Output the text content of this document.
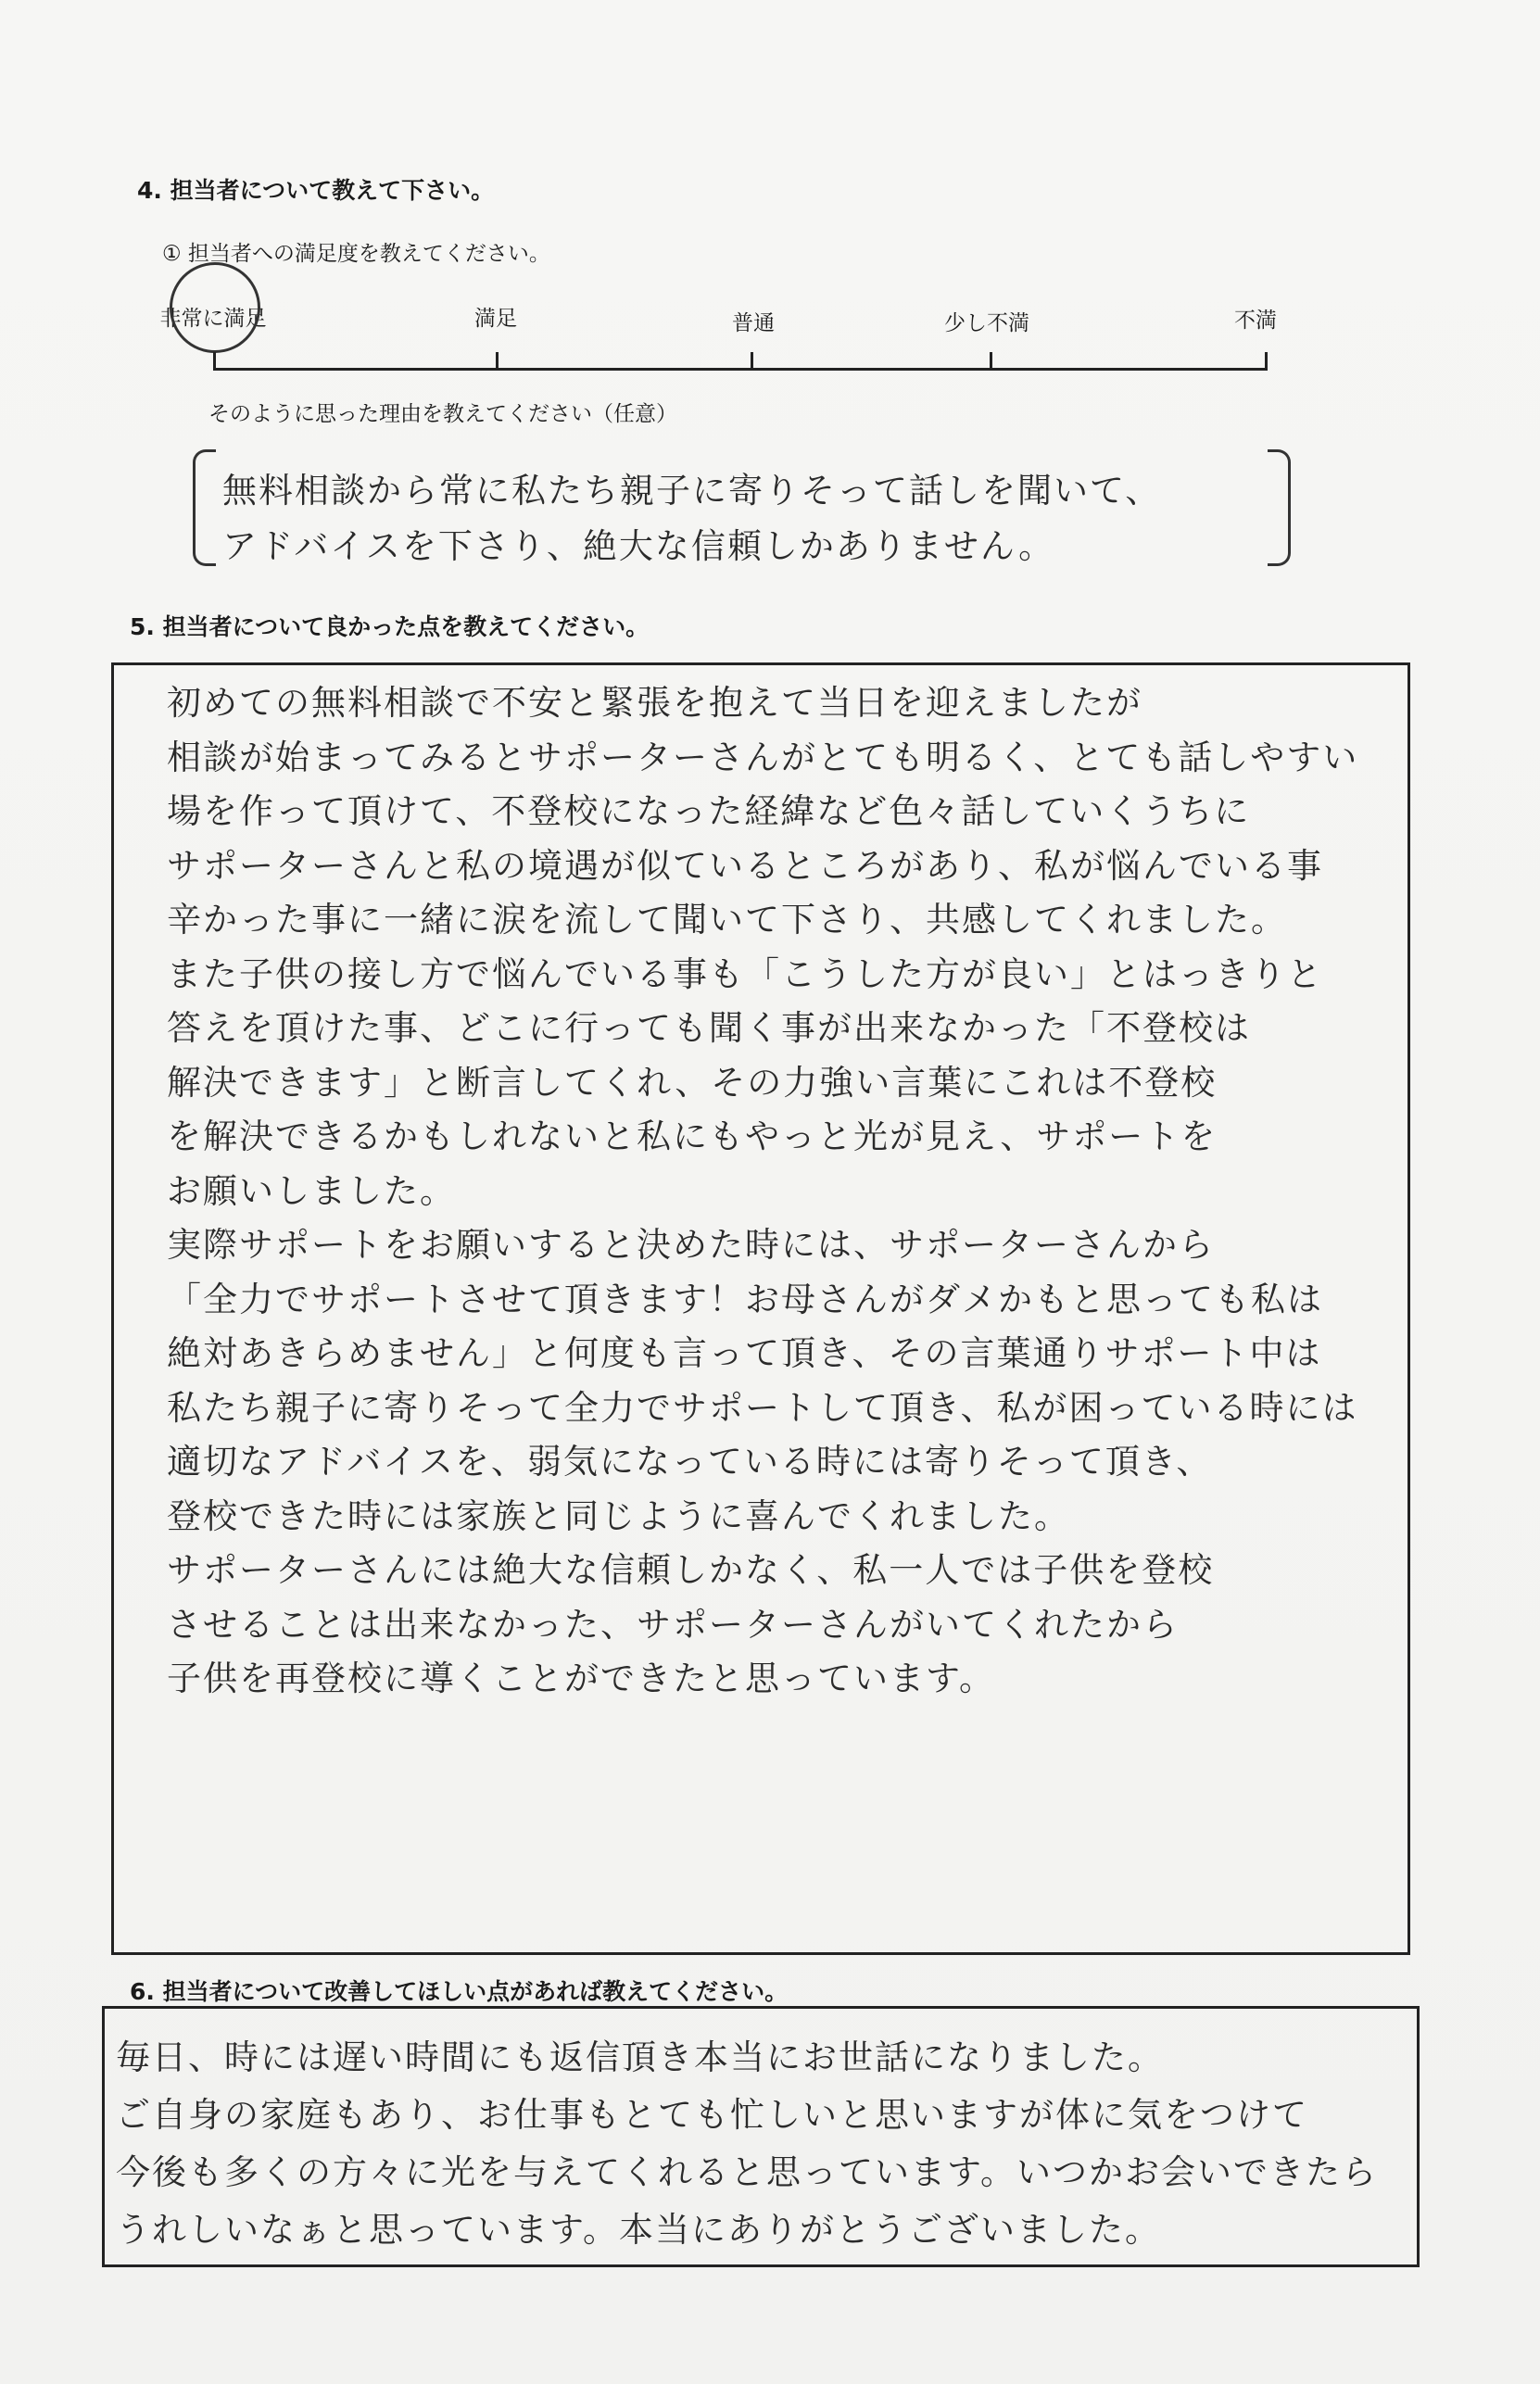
4. 担当者について教えて下さい。
① 担当者への満足度を教えてください。
非常に満足	満足	普通	少し不満	不満
そのように思った理由を教えてください（任意）
無料相談から常に私たち親子に寄りそって話しを聞いて、
アドバイスを下さり、絶大な信頼しかありません。
5. 担当者について良かった点を教えてください。
初めての無料相談で不安と緊張を抱えて当日を迎えましたが
相談が始まってみるとサポーターさんがとても明るく、とても話しやすい
場を作って頂けて、不登校になった経緯など色々話していくうちに
サポーターさんと私の境遇が似ているところがあり、私が悩んでいる事
辛かった事に一緒に涙を流して聞いて下さり、共感してくれました。
また子供の接し方で悩んでいる事も「こうした方が良い」とはっきりと
答えを頂けた事、どこに行っても聞く事が出来なかった「不登校は
解決できます」と断言してくれ、その力強い言葉にこれは不登校
を解決できるかもしれないと私にもやっと光が見え、サポートを
お願いしました。
実際サポートをお願いすると決めた時には、サポーターさんから
「全力でサポートさせて頂きます！お母さんがダメかもと思っても私は
絶対あきらめません」と何度も言って頂き、その言葉通りサポート中は
私たち親子に寄りそって全力でサポートして頂き、私が困っている時には
適切なアドバイスを、弱気になっている時には寄りそって頂き、
登校できた時には家族と同じように喜んでくれました。
サポーターさんには絶大な信頼しかなく、私一人では子供を登校
させることは出来なかった、サポーターさんがいてくれたから
子供を再登校に導くことができたと思っています。
6. 担当者について改善してほしい点があれば教えてください。
毎日、時には遅い時間にも返信頂き本当にお世話になりました。
ご自身の家庭もあり、お仕事もとても忙しいと思いますが体に気をつけて
今後も多くの方々に光を与えてくれると思っています。いつかお会いできたら
うれしいなぁと思っています。本当にありがとうございました。
